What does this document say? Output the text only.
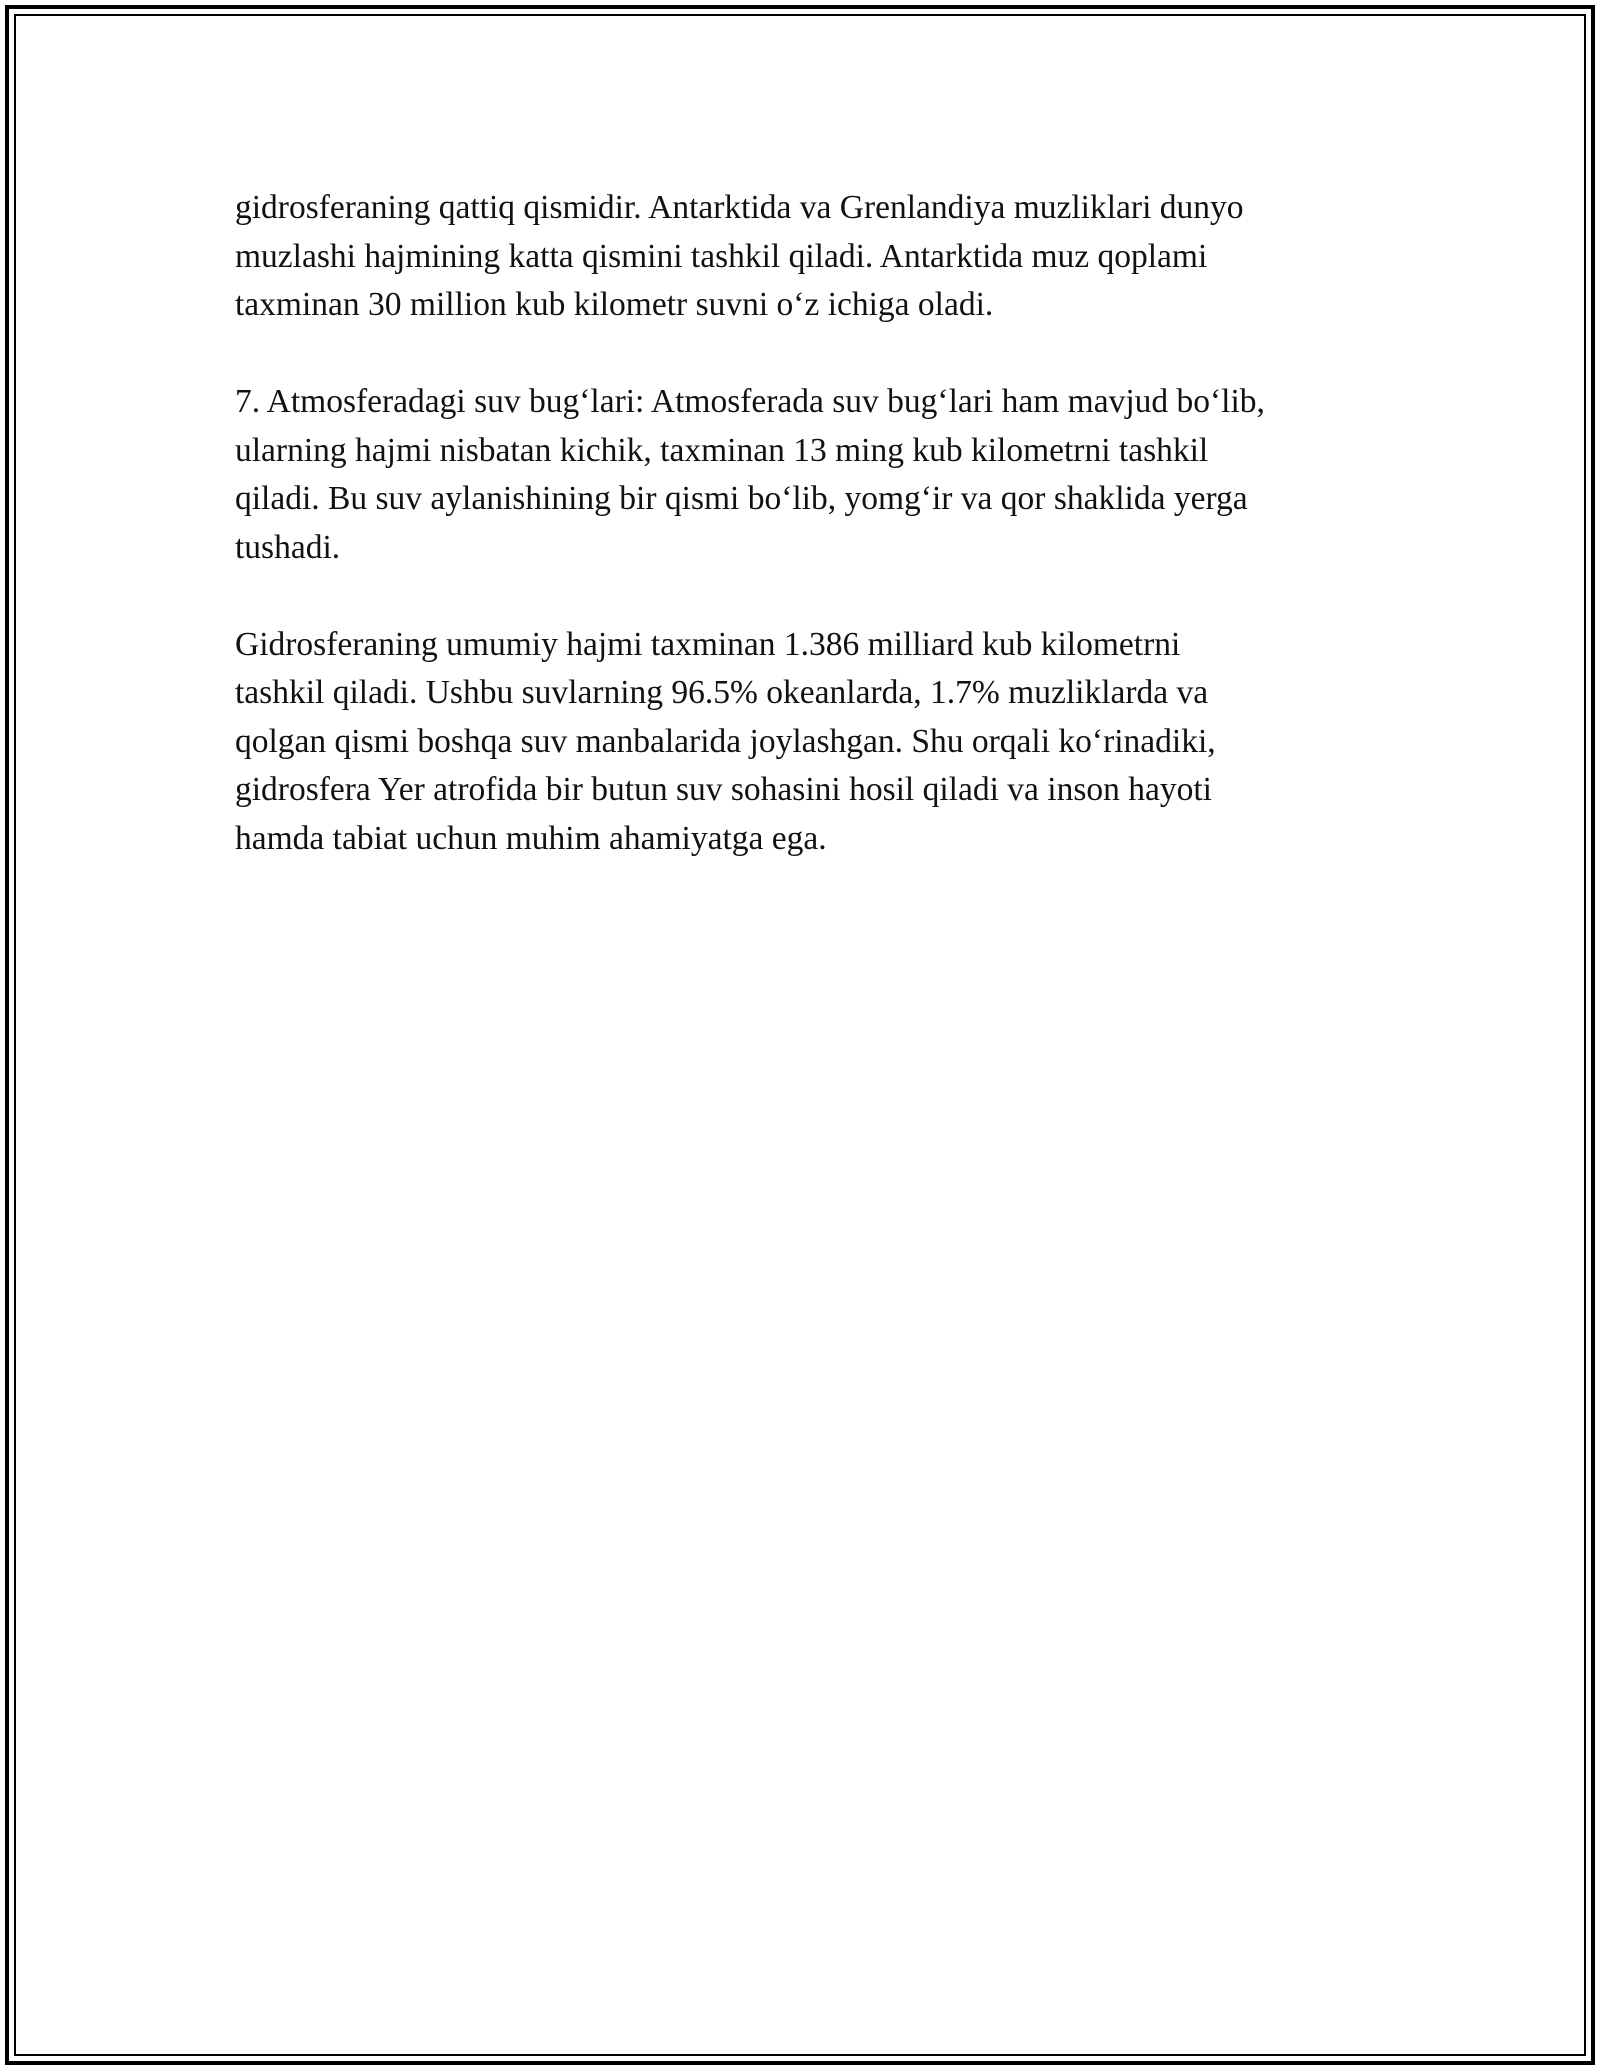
gidrosferaning qattiq qismidir. Antarktida va Grenlandiya muzliklari dunyo
muzlashi hajmining katta qismini tashkil qiladi. Antarktida muz qoplami
taxminan 30 million kub kilometr suvni o‘z ichiga oladi.

7. Atmosferadagi suv bug‘lari: Atmosferada suv bug‘lari ham mavjud bo‘lib,
ularning hajmi nisbatan kichik, taxminan 13 ming kub kilometrni tashkil
qiladi. Bu suv aylanishining bir qismi bo‘lib, yomg‘ir va qor shaklida yerga
tushadi.

Gidrosferaning umumiy hajmi taxminan 1.386 milliard kub kilometrni
tashkil qiladi. Ushbu suvlarning 96.5% okeanlarda, 1.7% muzliklarda va
qolgan qismi boshqa suv manbalarida joylashgan. Shu orqali ko‘rinadiki,
gidrosfera Yer atrofida bir butun suv sohasini hosil qiladi va inson hayoti
hamda tabiat uchun muhim ahamiyatga ega.
